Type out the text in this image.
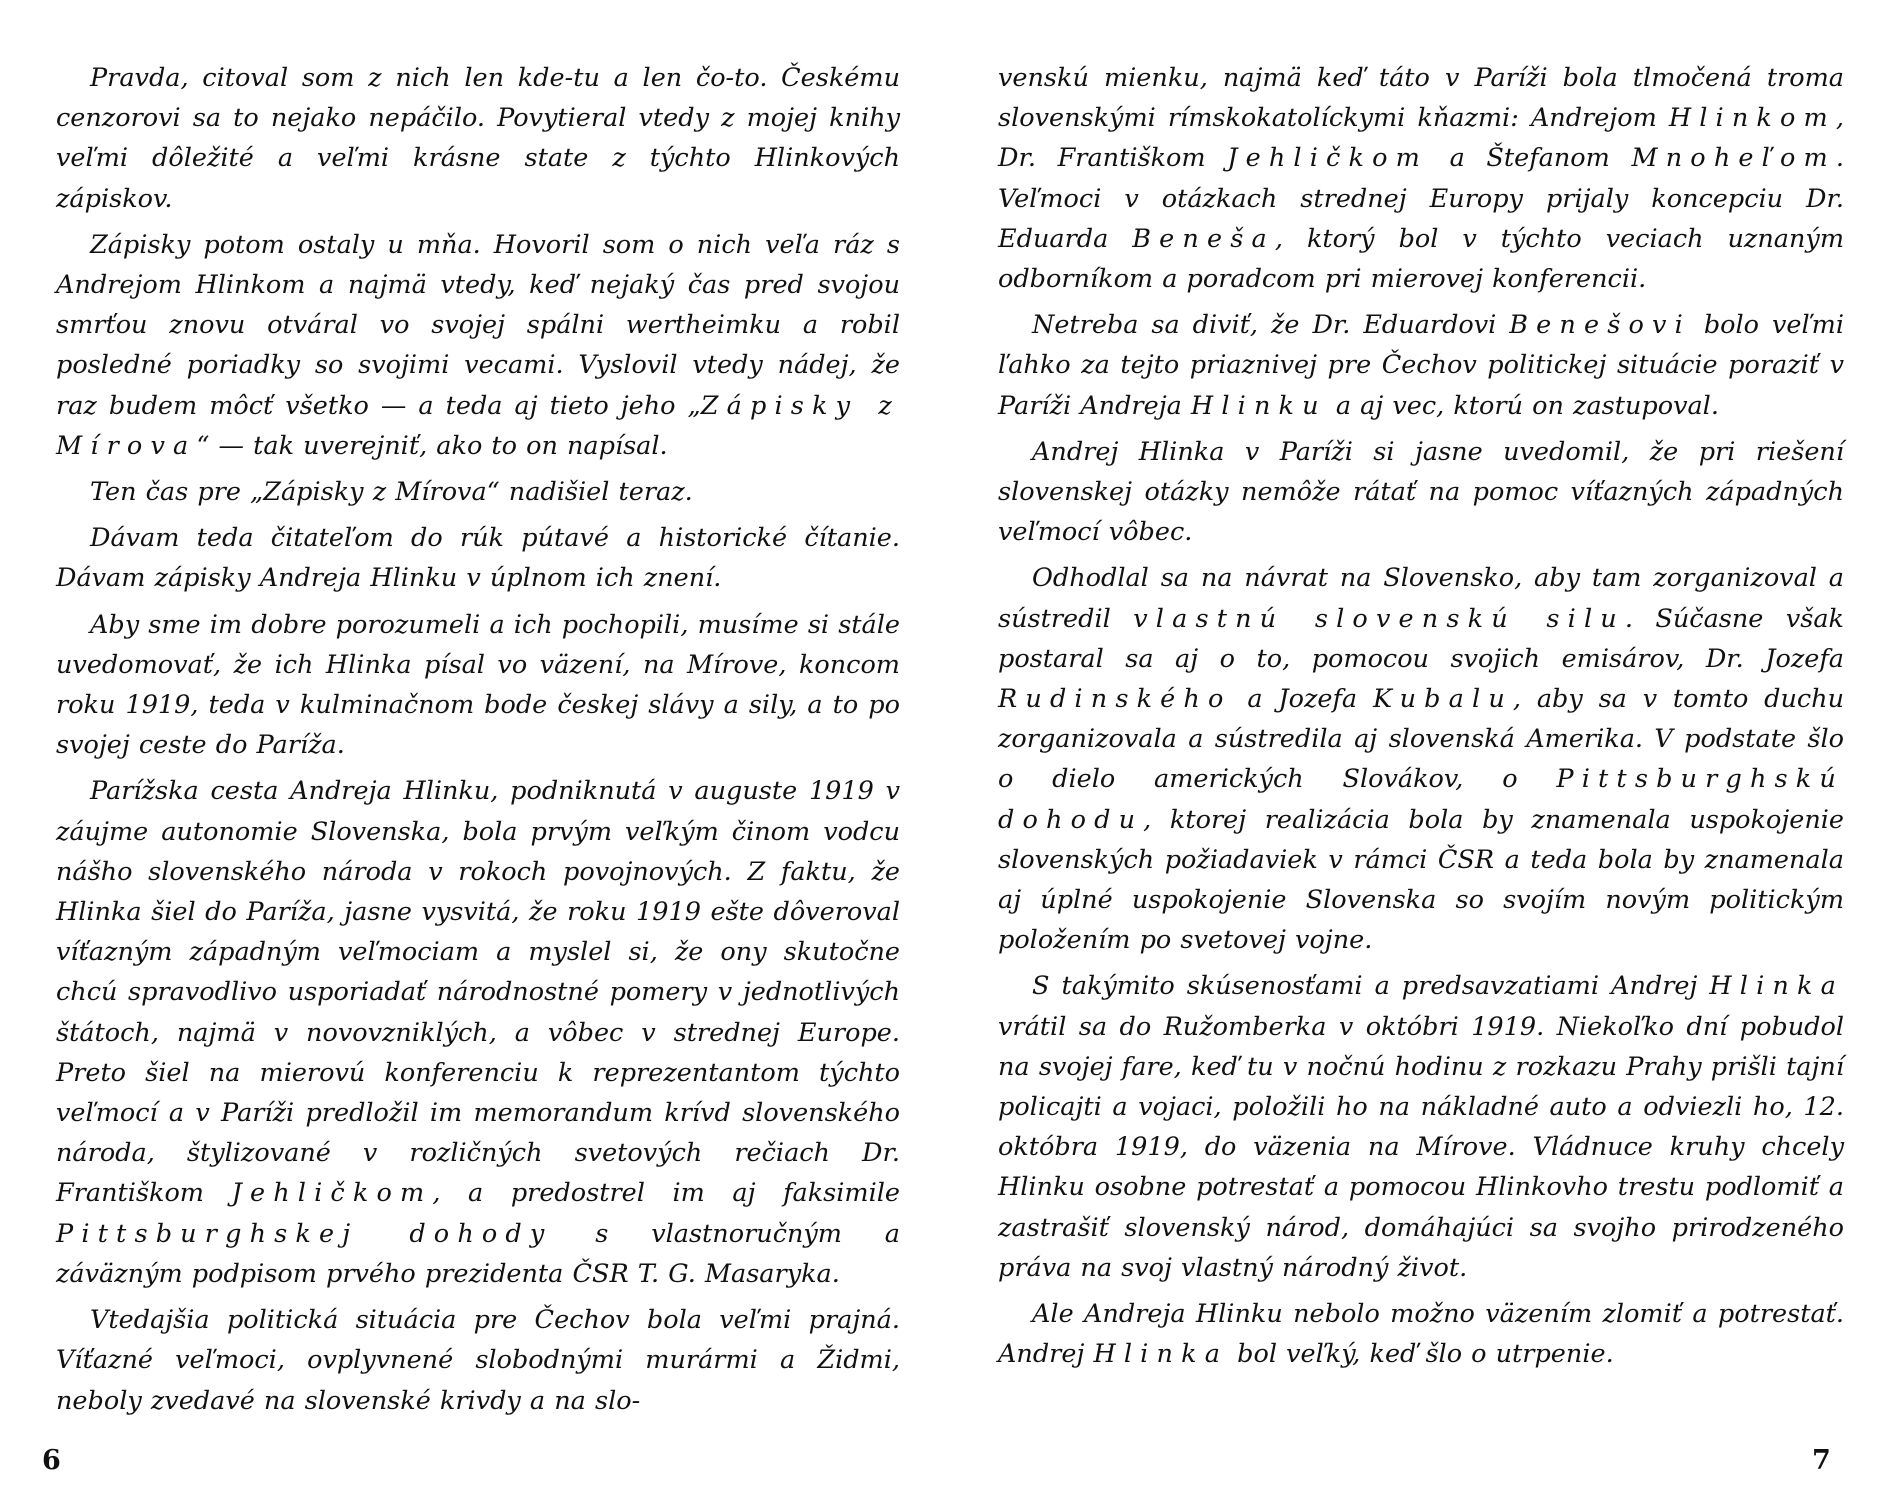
Pravda, citoval som z nich len kde-tu a len čo-to. Českému cenzorovi sa to nejako nepáčilo. Povytieral vtedy z mojej knihy veľmi dôležité a veľmi krásne state z týchto Hlinkových zápiskov.

Zápisky potom ostaly u mňa. Hovoril som o nich veľa ráz s Andrejom Hlinkom a najmä vtedy, keď nejaký čas pred svojou smrťou znovu otváral vo svojej spálni wertheimku a robil posledné poriadky so svojimi vecami. Vyslovil vtedy nádej, že raz budem môcť všetko — a teda aj tieto jeho „Zápisky z Mírova“ — tak uverejniť, ako to on napísal.

Ten čas pre „Zápisky z Mírova“ nadišiel teraz.

Dávam teda čitateľom do rúk pútavé a historické čítanie. Dávam zápisky Andreja Hlinku v úplnom ich znení.

Aby sme im dobre porozumeli a ich pochopili, musíme si stále uvedomovať, že ich Hlinka písal vo väzení, na Mírove, koncom roku 1919, teda v kulminačnom bode českej slávy a sily, a to po svojej ceste do Paríža.

Parížska cesta Andreja Hlinku, podniknutá v auguste 1919 v záujme autonomie Slovenska, bola prvým veľkým činom vodcu nášho slovenského národa v rokoch povojnových. Z faktu, že Hlinka šiel do Paríža, jasne vysvitá, že roku 1919 ešte dôveroval víťazným západným veľmociam a myslel si, že ony skutočne chcú spravodlivo usporiadať národnostné pomery v jednotlivých štátoch, najmä v novovzniklých, a vôbec v strednej Europe. Preto šiel na mierovú konferenciu k reprezentantom týchto veľmocí a v Paríži predložil im memorandum krívd slovenského národa, štylizované v rozličných svetových rečiach Dr. Františkom Jehličkom, a predostrel im aj faksimile Pittsburghskej dohody s vlastnoručným a záväzným podpisom prvého prezidenta ČSR T. G. Masaryka.

Vtedajšia politická situácia pre Čechov bola veľmi prajná. Víťazné veľmoci, ovplyvnené slobodnými murármi a Židmi, neboly zvedavé na slovenské krivdy a na slo-

venskú mienku, najmä keď táto v Paríži bola tlmočená troma slovenskými rímskokatolíckymi kňazmi: Andrejom Hlinkom, Dr. Františkom Jehličkom a Štefanom Mnoheľom. Veľmoci v otázkach strednej Europy prijaly koncepciu Dr. Eduarda Beneša, ktorý bol v týchto veciach uznaným odborníkom a poradcom pri mierovej konferencii.

Netreba sa diviť, že Dr. Eduardovi Benešovi bolo veľmi ľahko za tejto priaznivej pre Čechov politickej situácie poraziť v Paríži Andreja Hlinku a aj vec, ktorú on zastupoval.

Andrej Hlinka v Paríži si jasne uvedomil, že pri riešení slovenskej otázky nemôže rátať na pomoc víťazných západných veľmocí vôbec.

Odhodlal sa na návrat na Slovensko, aby tam zorganizoval a sústredil vlastnú slovenskú silu. Súčasne však postaral sa aj o to, pomocou svojich emisárov, Dr. Jozefa Rudinského a Jozefa Kubalu, aby sa v tomto duchu zorganizovala a sústredila aj slovenská Amerika. V podstate šlo o dielo amerických Slovákov, o Pittsburghskú dohodu, ktorej realizácia bola by znamenala uspokojenie slovenských požiadaviek v rámci ČSR a teda bola by znamenala aj úplné uspokojenie Slovenska so svojím novým politickým položením po svetovej vojne.

S takýmito skúsenosťami a predsavzatiami Andrej Hlinka vrátil sa do Ružomberka v októbri 1919. Niekoľko dní pobudol na svojej fare, keď tu v nočnú hodinu z rozkazu Prahy prišli tajní policajti a vojaci, položili ho na nákladné auto a odviezli ho, 12. októbra 1919, do väzenia na Mírove. Vládnuce kruhy chcely Hlinku osobne potrestať a pomocou Hlinkovho trestu podlomiť a zastrašiť slovenský národ, domáhajúci sa svojho prirodzeného práva na svoj vlastný národný život.

Ale Andreja Hlinku nebolo možno väzením zlomiť a potrestať. Andrej Hlinka bol veľký, keď šlo o utrpenie.

6	7
